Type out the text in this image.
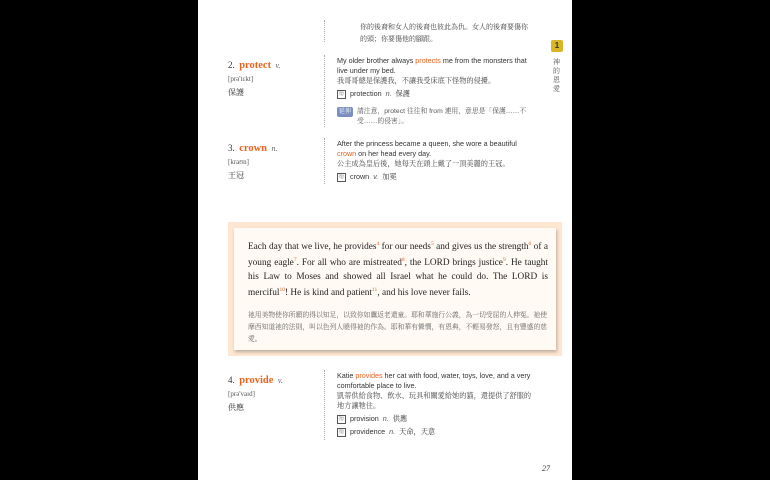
你的後裔和女人的後裔也彼此為仇。女人的後裔要傷你
的頭；你要傷他的腳跟。
2. protect v.
[prə'tɛkt]
保護
My older brother always protects me from the monsters that live under my bed.
我哥哥總是保護我，不讓我受床底下怪物的侵擾。
衍 protection n. 保護
延伸 請注意，protect 往往和 from 連用，意思是「保護……不受……的侵害」。
3. crown n.
[kraʊn]
王冠
After the princess became a queen, she wore a beautiful crown on her head every day.
公主成為皇后後，她每天在頭上戴了一頂美麗的王冠。
衍 crown v. 加冕
Each day that we live, he provides$^4$ for our needs$^5$ and gives us the strength$^6$ of a young eagle$^7$. For all who are mistreated$^8$, the LORD brings justice$^9$. He taught his Law to Moses and showed all Israel what he could do. The LORD is merciful$^{10}$! He is kind and patient$^{11}$, and his love never fails.
祂用美物使你所願的得以知足，以致你如鷹返老還童。耶和華施行公義，為一切受屈的人伸冤。祂使摩西知道祂的法則，叫以色列人曉得祂的作為。耶和華有憐憫，有恩典，不輕易發怒，且有豐盛的慈愛。
4. provide v.
[prə'vaɪd]
供應
Katie provides her cat with food, water, toys, love, and a very comfortable place to live.
凱蒂供給食物、飲水、玩具和關愛給她的貓，還提供了舒服的地方讓牠住。
衍 provision n. 供應
衍 providence n. 天命，天意
27
1
神的恩愛
